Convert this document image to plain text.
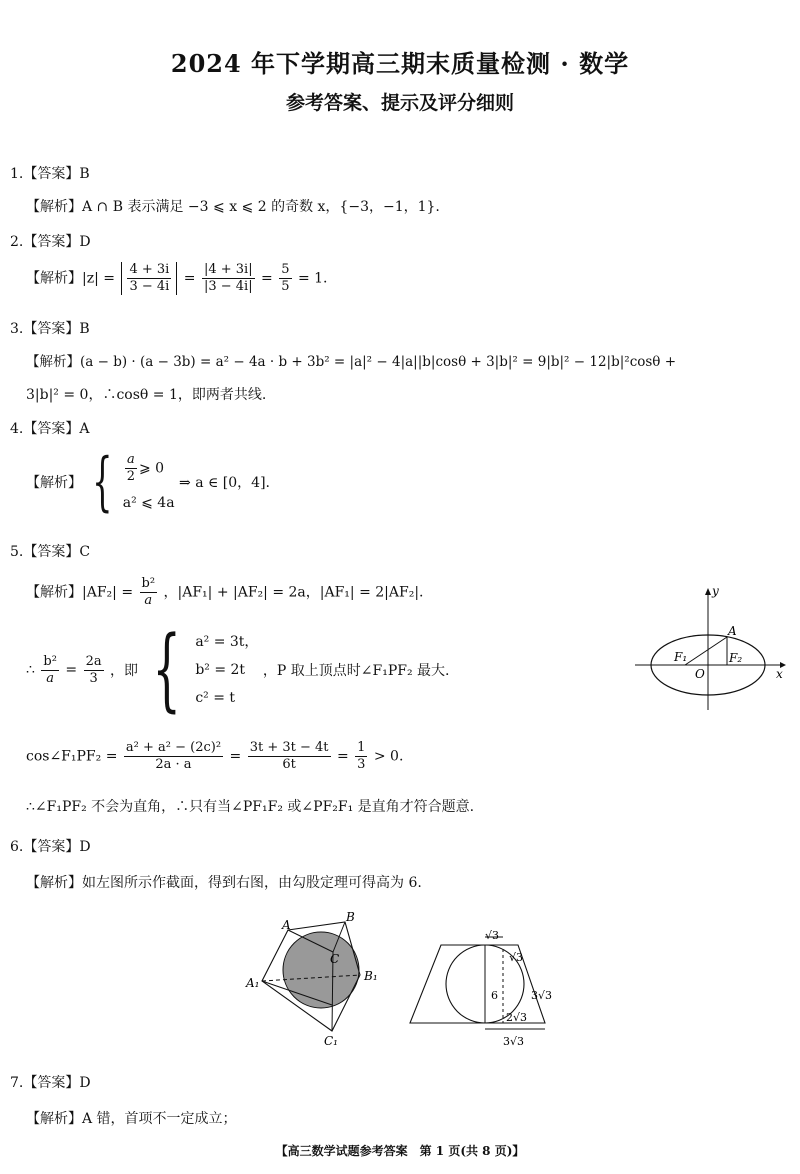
2024 年下学期高三期末质量检测 · 数学
参考答案、提示及评分细则
1.【答案】B
【解析】A ∩ B 表示满足 −3 ⩽ x ⩽ 2 的奇数 x，{−3，−1，1}.
2.【答案】D
【解析】$|z| = \frac{4 + 3i}{3 - 4i} = \frac{|4 + 3i|}{|3 - 4i|} = \frac{5}{5} = 1$.
3.【答案】B
【解析】(a − b) · (a − 3b) = a² − 4a · b + 3b² = |a|² − 4|a||b|cosθ + 3|b|² = 9|b|² − 12|b|²cosθ +
3|b|² = 0，∴cosθ = 1，即两者共线.
4.【答案】A
【解析】 { $\frac{a}{2}$ ⩾ 0
a² ⩽ 4a
⇒ a ∈ [0，4].
5.【答案】C
【解析】$|AF_2| = \frac{\text{b²}}{a}$ ，|AF₁| + |AF₂| = 2a，|AF₁| = 2|AF₂|.
∴ $\frac{\text{b²}}{a} = \frac{2a}{3}$ ，即 { a² = 3t，
b² = 2t
c² = t
，P 取上顶点时∠F₁PF₂ 最大.
cos∠F₁PF₂ = $\frac{\text{a² + a² − (2c)²}}{2a \cdot a} = \frac{3t + 3t - 4t}{6t} = \frac{1}{3} > 0$.
∴∠F₁PF₂ 不会为直角，∴只有当∠PF₁F₂ 或∠PF₂F₁ 是直角才符合题意.
y
x
A
F₁	F₂
O
6.【答案】D
【解析】如左图所示作截面，得到右图，由勾股定理可得高为 6.
A
B
C
A₁	B₁
C₁
√3
√3
6	3√3
2√3
3√3
7.【答案】D
【解析】A 错，首项不一定成立；
【高三数学试题参考答案　第 1 页(共 8 页)】
